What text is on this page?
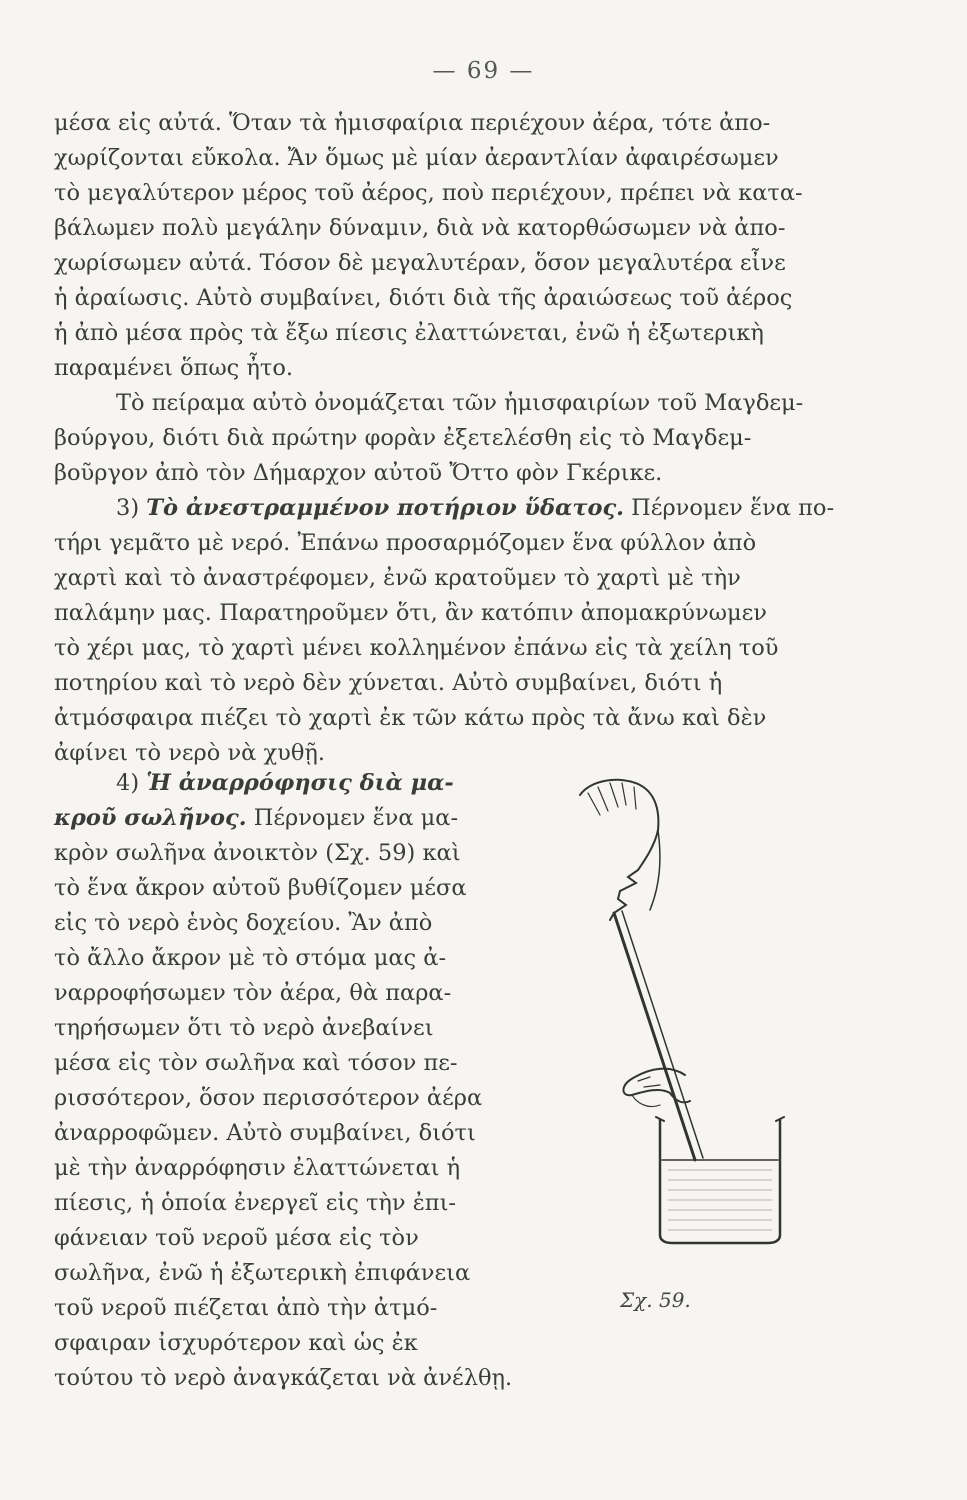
— 69 —
μέσα εἰς αὐτά. Ὅταν τὰ ἡμισφαίρια περιέχουν ἀέρα, τότε ἀπο-
χωρίζονται εὔκολα. Ἄν ὅμως μὲ μίαν ἀεραντλίαν ἀφαιρέσωμεν
τὸ μεγαλύτερον μέρος τοῦ ἀέρος, ποὺ περιέχουν, πρέπει νὰ κατα-
βάλωμεν πολὺ μεγάλην δύναμιν, διὰ νὰ κατορθώσωμεν νὰ ἀπο-
χωρίσωμεν αὐτά. Τόσον δὲ μεγαλυτέραν, ὅσον μεγαλυτέρα εἶνε
ἡ ἀραίωσις. Αὐτὸ συμβαίνει, διότι διὰ τῆς ἀραιώσεως τοῦ ἀέρος
ἡ ἀπὸ μέσα πρὸς τὰ ἔξω πίεσις ἐλαττώνεται, ἐνῶ ἡ ἐξωτερικὴ
παραμένει ὅπως ἦτο.
Τὸ πείραμα αὐτὸ ὀνομάζεται τῶν ἡμισφαιρίων τοῦ Μαγδεμ-
βούργου, διότι διὰ πρώτην φορὰν ἐξετελέσθη εἰς τὸ Μαγδεμ-
βοῦργον ἀπὸ τὸν Δήμαρχον αὐτοῦ Ὄττο φὸν Γκέρικε.
3) Τὸ ἀνεστραμμένον ποτήριον ὕδατος. Πέρνομεν ἕνα πο-
τήρι γεμᾶτο μὲ νερό. Ἐπάνω προσαρμόζομεν ἕνα φύλλον ἀπὸ
χαρτὶ καὶ τὸ ἀναστρέφομεν, ἐνῶ κρατοῦμεν τὸ χαρτὶ μὲ τὴν
παλάμην μας. Παρατηροῦμεν ὅτι, ἂν κατόπιν ἀπομακρύνωμεν
τὸ χέρι μας, τὸ χαρτὶ μένει κολλημένον ἐπάνω εἰς τὰ χείλη τοῦ
ποτηρίου καὶ τὸ νερὸ δὲν χύνεται. Αὐτὸ συμβαίνει, διότι ἡ
ἀτμόσφαιρα πιέζει τὸ χαρτὶ ἐκ τῶν κάτω πρὸς τὰ ἄνω καὶ δὲν
ἀφίνει τὸ νερὸ νὰ χυθῇ.
4) Ἡ ἀναρρόφησις διὰ μα-
κροῦ σωλῆνος. Πέρνομεν ἕνα μα-
κρὸν σωλῆνα ἀνοικτὸν (Σχ. 59) καὶ
τὸ ἕνα ἄκρον αὐτοῦ βυθίζομεν μέσα
εἰς τὸ νερὸ ἑνὸς δοχείου. Ἂν ἀπὸ
τὸ ἄλλο ἄκρον μὲ τὸ στόμα μας ἀ-
ναρροφήσωμεν τὸν ἀέρα, θὰ παρα-
τηρήσωμεν ὅτι τὸ νερὸ ἀνεβαίνει
μέσα εἰς τὸν σωλῆνα καὶ τόσον πε-
ρισσότερον, ὅσον περισσότερον ἀέρα
ἀναρροφῶμεν. Αὐτὸ συμβαίνει, διότι
μὲ τὴν ἀναρρόφησιν ἐλαττώνεται ἡ
πίεσις, ἡ ὁποία ἐνεργεῖ εἰς τὴν ἐπι-
φάνειαν τοῦ νεροῦ μέσα εἰς τὸν
σωλῆνα, ἐνῶ ἡ ἐξωτερικὴ ἐπιφάνεια
τοῦ νεροῦ πιέζεται ἀπὸ τὴν ἀτμό-
σφαιραν ἰσχυρότερον καὶ ὡς ἐκ
τούτου τὸ νερὸ ἀναγκάζεται νὰ ἀνέλθῃ.
Σχ. 59.
